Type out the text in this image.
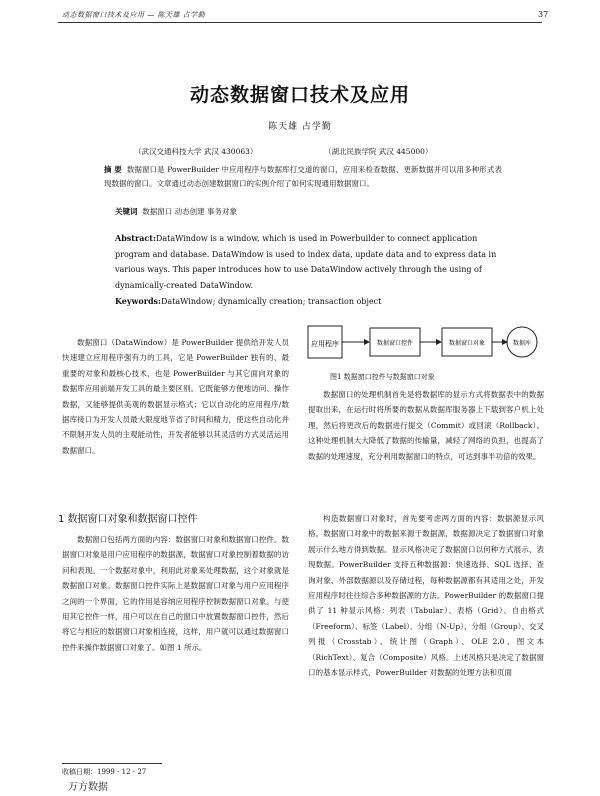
动态数据窗口技术及应用 — 陈天雄 占学勤	37
动态数据窗口技术及应用
陈天雄 占学勤
（武汉交通科技大学 武汉 430063）	（湖北民族学院 武汉 445000）
摘 要 数据窗口是 PowerBuilder 中应用程序与数据库打交道的窗口，应用来检查数据、更新数据并可以用多种形式表现数据的窗口。文章通过动态创建数据窗口的实例介绍了如何实现通用数据窗口。
关键词 数据窗口 动态创建 事务对象
Abstract:DataWindow is a window, which is used in Powerbuilder to connect application program and database. DataWindow is used to index data, update data and to express data in various ways. This paper introduces how to use DataWindow actively through the using of dynamically-created DataWindow.
Keywords:DataWindow; dynamically creation; transaction object

数据窗口（DataWindow）是 PowerBuilder 提供给开发人员快速建立应用程序强有力的工具，它是 PowerBuilder 独有的、最重要的对象和最核心技术，也是 PowerBuilder 与其它面向对象的数据库应用前端开发工具的最主要区别。它既能够方便地访问、操作数据，又能够提供美观的数据显示格式；它以自动化的应用程序/数据库接口为开发人员最大限度地节省了时间和精力，使这些自动化并不限制开发人员的主观能动性，开发者能够以其灵活的方式灵活运用数据窗口。

1 数据窗口对象和数据窗口控件

数据窗口包括两方面的内容：数据窗口对象和数据窗口控件。数据窗口对象是用户应用程序的数据源，数据窗口对象控制着数据的访问和表现。一个数据对象中，利用此对象来处理数据，这个对象就是数据窗口对象。数据窗口控件实际上是数据窗口对象与用户应用程序之间的一个界面，它的作用是容纳应用程序控制数据窗口对象。与使用其它控件一样，用户可以在自己的窗口中放置数据窗口控件，然后将它与相应的数据窗口对象相连接，这样，用户就可以通过数据窗口控件来操作数据窗口对象了。如图 1 所示。

收稿日期：1999 - 12 - 27
万方数据
应用程序	数据窗口控件	数据窗口对象	数据库
图1 数据窗口控件与数据窗口对象

数据窗口的处理机制首先是将数据库的显示方式将数据表中的数据提取出来，在运行时将所要的数据从数据库服务器上下载到客户机上处理，然后将更改后的数据进行提交（Commit）或回滚（Rollback）。这种处理机制大大降低了数据的传输量，减轻了网络的负担，也提高了数据的处理速度，充分利用数据窗口的特点，可达到事半功倍的效果。

构造数据窗口对象时，首先要考虑两方面的内容：数据源显示风格。数据窗口对象中的数据来源于数据源，数据源决定了数据窗口对象展示什么地方得到数据。显示风格决定了数据窗口以何种方式展示、表现数据。PowerBuilder 支持五种数据源：快速选择、SQL 选择、查询对象、外部数据源以及存储过程，每种数据源都有其适用之处，开发应用程序时往往综合多种数据源的方法。PowerBuilder 的数据窗口提供了 11 种显示风格：列表（Tabular）、表格（Grid）、自由格式（Freeform）、标签（Label）、分组（N-Up）、分组（Group）、交叉列报（Crosstab）、统计图（Graph）、OLE 2.0、图文本（RichText）、复合（Composite）风格。上述风格只是决定了数据窗口的基本显示样式，PowerBuilder 对数据的处理方法和页面
